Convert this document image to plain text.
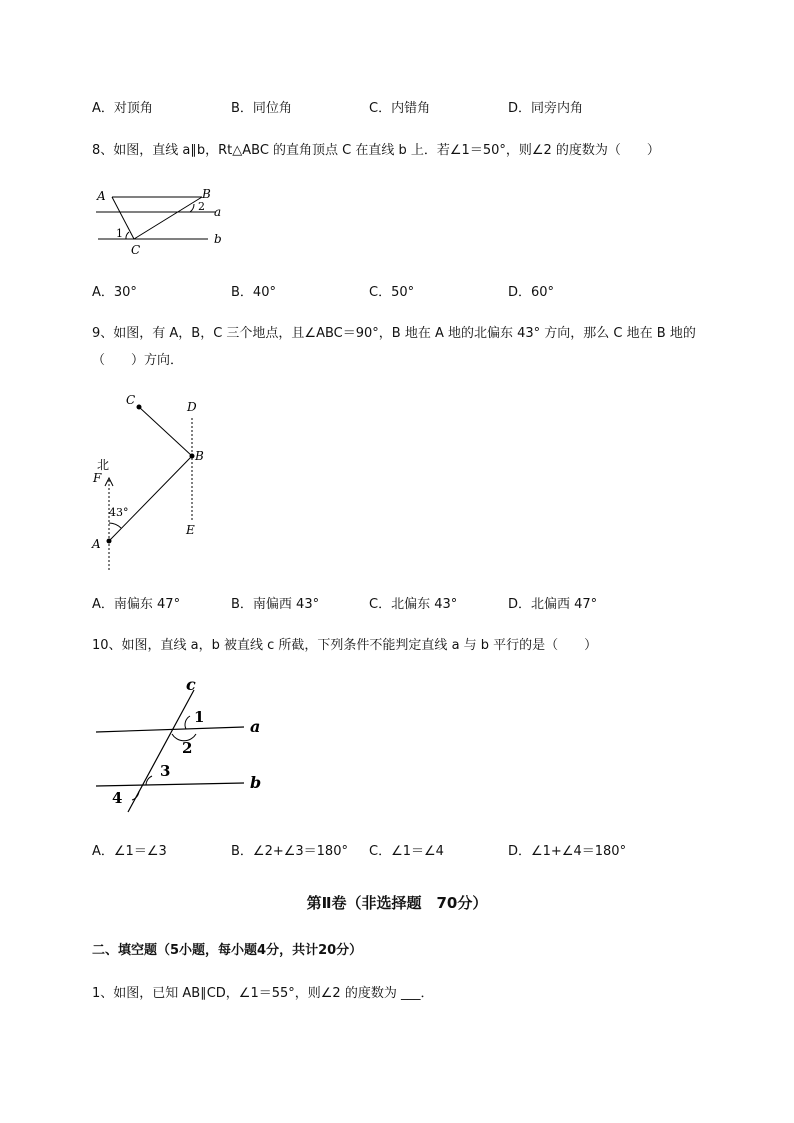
A．对顶角	B．同位角	C．内错角	D．同旁内角
8、如图，直线 a∥b，Rt△ABC 的直角顶点 C 在直线 b 上．若∠1＝50°，则∠2 的度数为（　　）
A	B
2 a
1	b
C
A．30°	B．40°	C．50°	D．60°
9、如图，有 A，B，C 三个地点，且∠ABC＝90°，B 地在 A 地的北偏东 43° 方向，那么 C 地在 B 地的
（　　）方向．
C	D
B
北
F
43°
A
E
A．南偏东 47°	B．南偏西 43°	C．北偏东 43°	D．北偏西 47°
10、如图，直线 a，b 被直线 c 所截，下列条件不能判定直线 a 与 b 平行的是（　　）
c
1	a
2
3
b
4
A．∠1＝∠3	B．∠2+∠3＝180° C．∠1＝∠4	D．∠1+∠4＝180°
第Ⅱ卷（非选择题　70分）
二、填空题（5小题，每小题4分，共计20分）
1、如图，已知 AB∥CD，∠1＝55°，则∠2 的度数为 ___．
